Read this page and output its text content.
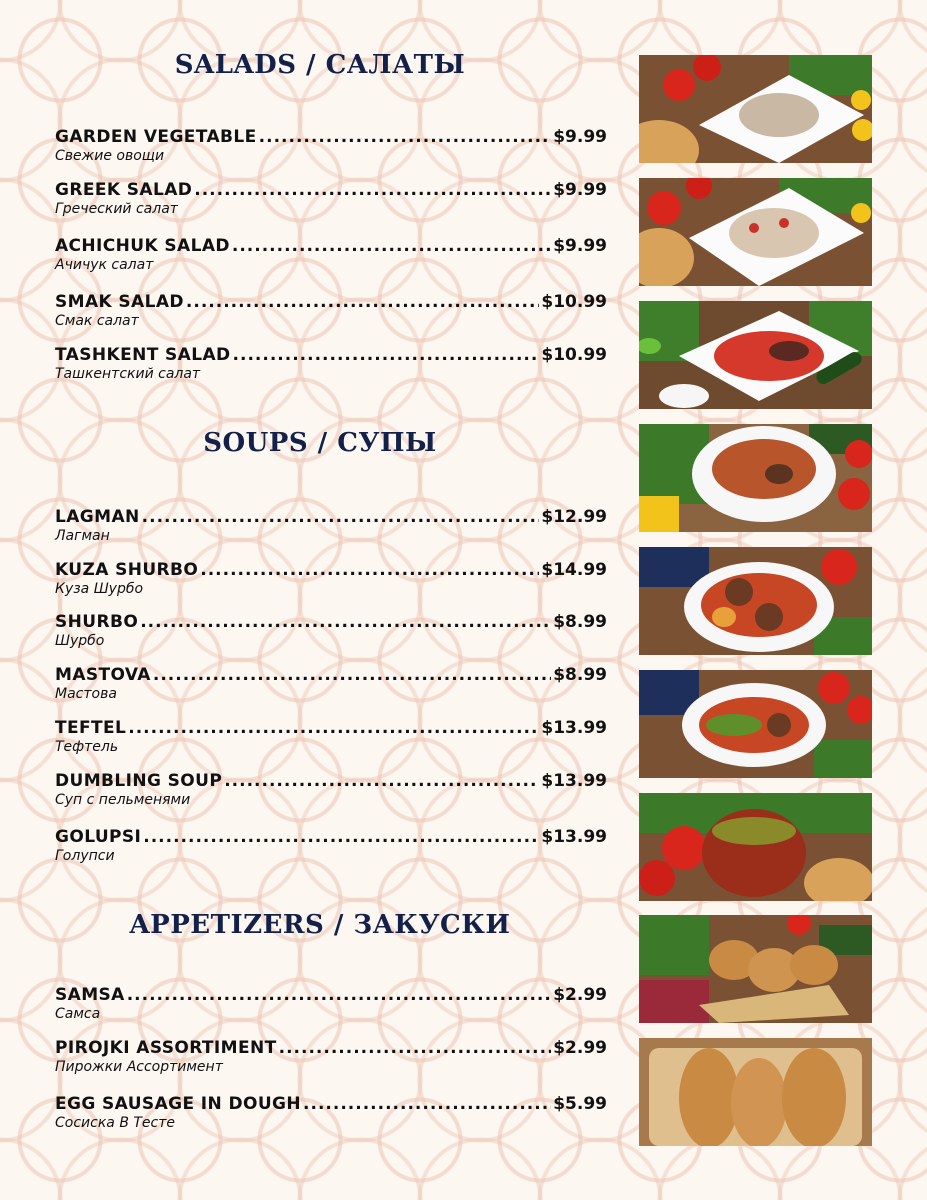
SALADS / САЛАТЫ
GARDEN VEGETABLE .....	$9.99
Свежие овощи
GREEK SALAD .....	$9.99
Греческий салат
ACHICHUK SALAD .....	$9.99
Ачичук салат
SMAK SALAD .....	$10.99
Смак салат
TASHKENT SALAD .....	$10.99
Ташкентский салат
SOUPS / СУПЫ
LAGMAN .....	$12.99
Лагман
KUZA SHURBO .....	$14.99
Куза Шурбо
SHURBO .....	$8.99
Шурбо
MASTOVA .....	$8.99
Мастова
TEFTEL .....	$13.99
Тефтель
DUMBLING SOUP .....	$13.99
Суп с пельменями
GOLUPSI .....	$13.99
Голупси
APPETIZERS / ЗАКУСКИ
SAMSA .....	$2.99
Самса
PIROJKI ASSORTIMENT .....	$2.99
Пирожки Ассортимент
EGG SAUSAGE IN DOUGH .....	$5.99
Сосиска В Тесте
